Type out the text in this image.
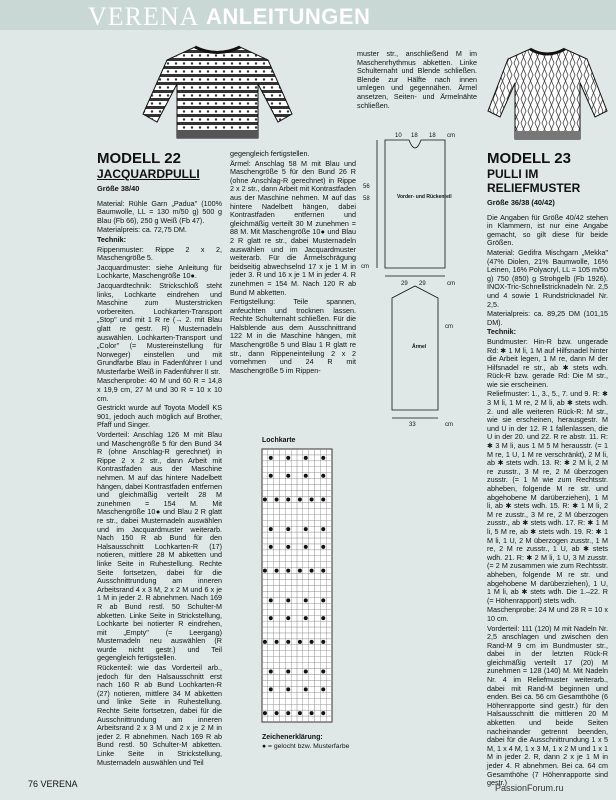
VERENA ANLEITUNGEN
MODELL 22
JACQUARDPULLI
Größe 38/40

Material: Rühle Garn „Padua" (100% Baumwolle, LL = 130 m/50 g) 500 g Blau (Fb 66), 250 g Weiß (Fb 47).

Materialpreis: ca. 72,75 DM.

Technik:

Rippenmuster: Rippe 2 x 2, Maschengröße 5.

Jacquardmuster: siehe Anleitung für Lochkarte, Maschengröße 10●.

Jacquardtechnik: Strickschloß steht links, Lochkarte eindrehen und Maschine zum Musterstricken vorbereiten. Lochkarten-Transport „Stop" und mit 1 R re (→ 2. mit Blau glatt re gestr. R) Musternadeln auswählen. Lochkarten-Transport und „Color" (= Mustereinstellung für Norweger) einstellen und mit Grundfarbe Blau in Fadenführer I und Musterfarbe Weiß in Fadenführer II str.

Maschenprobe: 40 M und 60 R = 14,8 x 19,9 cm, 27 M und 30 R = 10 x 10 cm.

Gestrickt wurde auf Toyota Modell KS 901, jedoch auch möglich auf Brother, Pfaff und Singer.

Vorderteil: Anschlag 126 M mit Blau und Maschengröße 5 für den Bund 34 R (ohne Anschlag-R gerechnet) in Rippe 2 x 2 str., dann Arbeit mit Kontrastfaden aus der Maschine nehmen. M auf das hintere Nadelbett hängen, dabei Kontrastfaden entfernen und gleichmäßig verteilt 28 M zunehmen = 154 M. Mit Maschengröße 10● und Blau 2 R glatt re str., dabei Musternadeln auswählen und im Jacquardmuster weiterarb. Nach 150 R ab Bund für den Halsausschnitt Lochkarten-R (17) notieren, mittlere 28 M abketten und linke Seite in Ruhestellung. Rechte Seite fortsetzen, dabei für die Ausschnittrundung am inneren Arbeitsrand 4 x 3 M, 2 x 2 M und 6 x je 1 M in jeder 2. R abnehmen. Nach 169 R ab Bund restl. 50 Schulter-M abketten. Linke Seite in Strickstellung, Lochkarte bei notierter R eindrehen, mit „Empty" (= Leergang) Musternadeln neu auswählen (R wurde nicht gestr.) und Teil gegengleich fertigstellen.

Rückenteil: wie das Vorderteil arb., jedoch für den Halsausschnitt erst nach 160 R ab Bund Lochkarten-R (27) notieren, mittlere 34 M abketten und linke Seite in Ruhestellung. Rechte Seite fortsetzen, dabei für die Ausschnittrundung am inneren Arbeitsrand 2 x 3 M und 2 x je 2 M in jeder 2. R abnehmen. Nach 169 R ab Bund restl. 50 Schulter-M abketten. Linke Seite in Strickstellung, Musternadeln auswählen und Teil

gegengleich fertigstellen.

Ärmel: Anschlag 58 M mit Blau und Maschengröße 5 für den Bund 26 R (ohne Anschlag-R gerechnet) in Rippe 2 x 2 str., dann Arbeit mit Kontrastfaden aus der Maschine nehmen. M auf das hintere Nadelbett hängen, dabei Kontrastfaden entfernen und gleichmäßig verteilt 30 M zunehmen = 88 M. Mit Maschengröße 10● und Blau 2 R glatt re str., dabei Musternadeln auswählen und im Jacquardmuster weiterarb. Für die Ärmelschrägung beidseitig abwechselnd 17 x je 1 M in jeder 3. R und 16 x je 1 M in jeder 4. R zunehmen = 154 M. Nach 120 R ab Bund M abketten.

Fertigstellung: Teile spannen, anfeuchten und trocknen lassen. Rechte Schulternaht schließen. Für die Halsblende aus dem Ausschnittrand 122 M in die Maschine hängen, mit Maschengröße 5 und Blau 1 R glatt re str., dann Rippeneinteilung 2 x 2 vornehmen und 24 R mit Maschengröße 5 im Rippen-

muster str., anschließend M im Maschenrhythmus abketten. Linke Schulternaht und Blende schließen. Blende zur Hälfte nach innen umlegen und gegennähen. Ärmel ansetzen, Seiten- und Ärmelnähte schließen.

10 18 18 cm
56
58	Vorder- und Rückenteil
cm
29 29	cm
Ärmel
cm
33	cm
Lochkarte
Zeichenerklärung:
● = gelocht bzw. Musterfarbe
MODELL 23
PULLI IM RELIEFMUSTER
Größe 36/38 (40/42)

Die Angaben für Größe 40/42 stehen in Klammern, ist nur eine Angabe gemacht, so gilt diese für beide Größen.

Material: Gedifra Mischgarn „Mekka" (47% Diolen, 21% Baumwolle, 16% Leinen, 16% Polyacryl, LL = 105 m/50 g) 750 (850) g Strohgelb (Fb 1926). INOX-Tric-Schnellstricknadeln Nr. 2,5 und 4 sowie 1 Rundstricknadel Nr. 2,5.

Materialpreis: ca. 89,25 DM (101,15 DM).

Technik:

Bundmuster: Hin-R bzw. ungerade Rd: ✱ 1 M li, 1 M auf Hilfsnadel hinter die Arbeit legen, 1 M re, dann M der Hilfsnadel re str., ab ✱ stets wdh. Rück-R bzw. gerade Rd: Die M str., wie sie erscheinen.

Reliefmuster: 1., 3., 5., 7. und 9. R: ✱ 3 M li, 1 M re, 2 M li, ab ✱ stets wdh. 2. und alle weiteren Rück-R: M str., wie sie erscheinen, herausgestr. M und U in der 12. R 1 fallenlassen, die U in der 20. und 22. R re abstr. 11. R: ✱ 3 M li, aus 1 M 5 M herausstr. (= 1 M re, 1 U, 1 M re verschränkt), 2 M li, ab ✱ stets wdh. 13. R: ✱ 2 M li, 2 M re zusstr., 3 M re, 2 M überzogen zusstr. (= 1 M wie zum Rechtsstr. abheben, folgende M re str. und abgehobene M darüberziehen), 1 M li, ab ✱ stets wdh. 15. R: ✱ 1 M li, 2 M re zusstr., 3 M re, 2 M überzogen zusstr., ab ✱ stets wdh. 17. R: ✱ 1 M li, 5 M re, ab ✱ stets wdh. 19. R: ✱ 1 M li, 1 U, 2 M überzogen zusstr., 1 M re, 2 M re zusstr., 1 U, ab ✱ stets wdh. 21. R: ✱ 2 M li, 1 U, 3 M zusstr. (= 2 M zusammen wie zum Rechtsstr. abheben, folgende M re str. und abgehobene M darüberziehen), 1 U, 1 M li, ab ✱ stets wdh. Die 1.–22. R (= Höhenrapport) stets wdh.

Maschenprobe: 24 M und 28 R = 10 x 10 cm.

Vorderteil: 111 (120) M mit Nadeln Nr. 2,5 anschlagen und zwischen den Rand-M 9 cm im Bundmuster str., dabei in der letzten Rück-R gleichmäßig verteilt 17 (20) M zunehmen = 128 (140) M. Mit Nadeln Nr. 4 im Reliefmuster weiterarb., dabei mit Rand-M beginnen und enden. Bei ca. 56 cm Gesamthöhe (6 Höhenrapporte sind gestr.) für den Halsausschnitt die mittleren 20 M abketten und beide Seiten nacheinander getrennt beenden, dabei für die Ausschnittrundung 1 x 5 M, 1 x 4 M, 1 x 3 M, 1 x 2 M und 1 x 1 M in jeder 2. R, dann 2 x je 1 M in jeder 4. R abnehmen. Bei ca. 64 cm Gesamthöhe (7 Höhenrapporte sind gestr.)

76 VERENA	PassionForum.ru
